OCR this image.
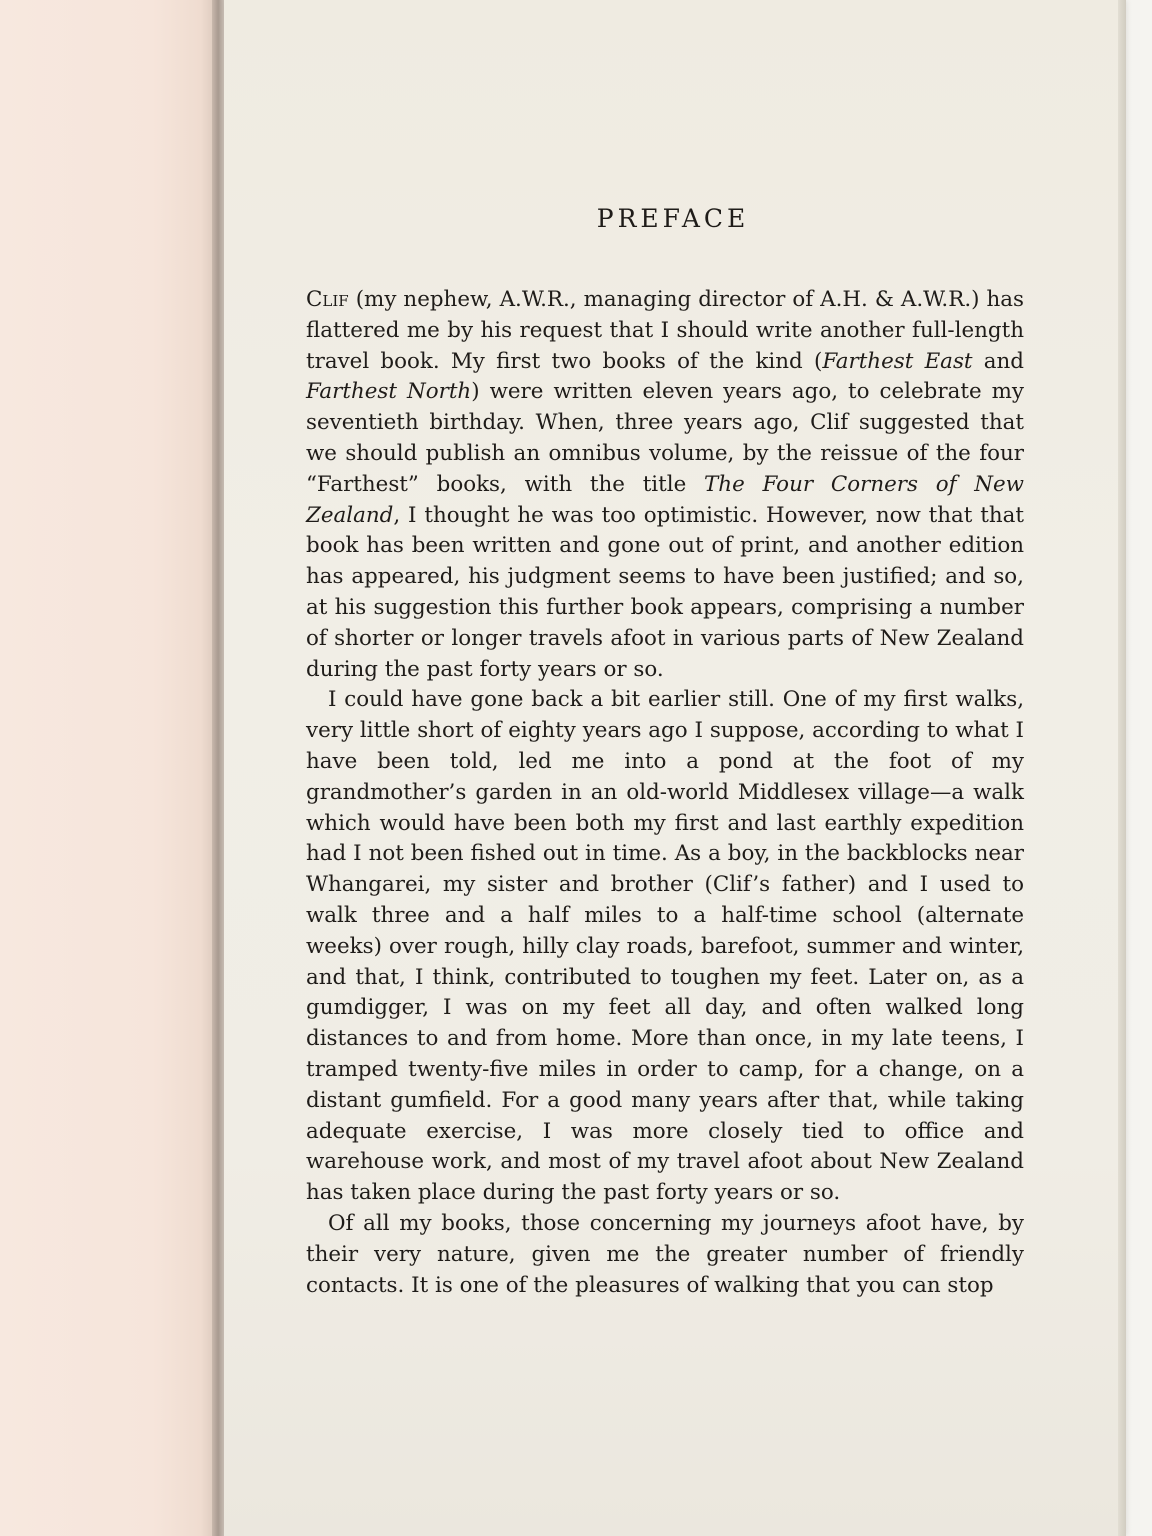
PREFACE

Clif (my nephew, A.W.R., managing director of A.H. & A.W.R.) has flattered me by his request that I should write another full-length travel book. My first two books of the kind (Farthest East and Farthest North) were written eleven years ago, to celebrate my seventieth birthday. When, three years ago, Clif suggested that we should publish an omnibus volume, by the reissue of the four “Farthest” books, with the title The Four Corners of New Zealand, I thought he was too optimistic. However, now that that book has been written and gone out of print, and another edition has appeared, his judgment seems to have been justified; and so, at his suggestion this further book appears, comprising a number of shorter or longer travels afoot in various parts of New Zealand during the past forty years or so.

I could have gone back a bit earlier still. One of my first walks, very little short of eighty years ago I suppose, according to what I have been told, led me into a pond at the foot of my grandmother’s garden in an old-world Middlesex village—a walk which would have been both my first and last earthly expedition had I not been fished out in time. As a boy, in the backblocks near Whangarei, my sister and brother (Clif’s father) and I used to walk three and a half miles to a half-time school (alternate weeks) over rough, hilly clay roads, barefoot, summer and winter, and that, I think, contributed to toughen my feet. Later on, as a gumdigger, I was on my feet all day, and often walked long distances to and from home. More than once, in my late teens, I tramped twenty-five miles in order to camp, for a change, on a distant gumfield. For a good many years after that, while taking adequate exercise, I was more closely tied to office and warehouse work, and most of my travel afoot about New Zealand has taken place during the past forty years or so.

Of all my books, those concerning my journeys afoot have, by their very nature, given me the greater number of friendly contacts. It is one of the pleasures of walking that you can stop
